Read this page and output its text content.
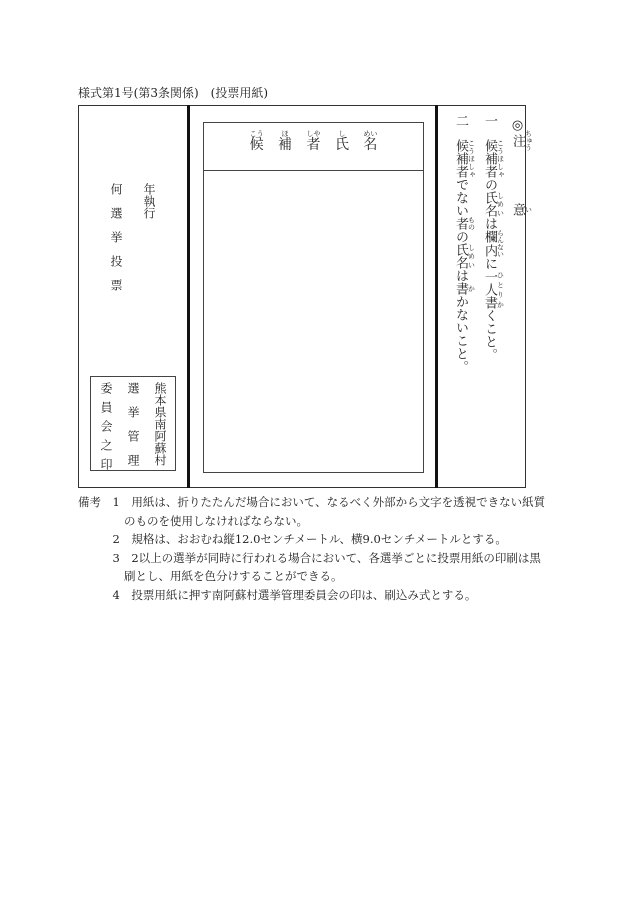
様式第1号(第3条関係)　(投票用紙)
年執行
何選挙投票
熊本県南阿蘇村
選挙管理
委員会之印
候こう 補ほ 者しや 氏し 名めい
◎注 ちゅう意 い
一候補者 こうほしゃの氏名 しめいは欄内 らんないに一人書 ひとりかくこと。
二候補者 こうほしゃでない者 ものの氏名 しめいは書 かかないこと。
備考　1　用紙は、折りたたんだ場合において、なるべく外部から文字を透視できない紙質
　　　　のものを使用しなければならない。
　　　2　規格は、おおむね縦12.0センチメートル、横9.0センチメートルとする。
　　　3　2以上の選挙が同時に行われる場合において、各選挙ごとに投票用紙の印刷は黒
　　　　刷とし、用紙を色分けすることができる。
　　　4　投票用紙に押す南阿蘇村選挙管理委員会の印は、刷込み式とする。
